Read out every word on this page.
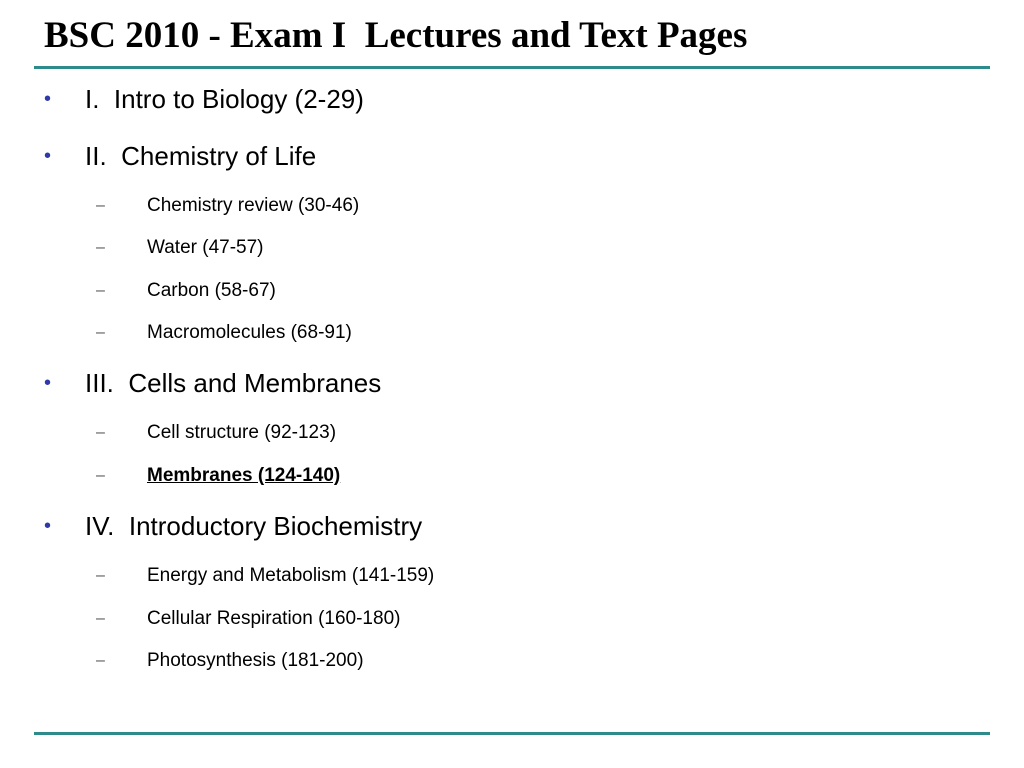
BSC 2010 - Exam I  Lectures and Text Pages
• I.  Intro to Biology (2-29)
• II.  Chemistry of Life
– Chemistry review (30-46)
– Water (47-57)
– Carbon (58-67)
– Macromolecules (68-91)
• III.  Cells and Membranes
– Cell structure (92-123)
– Membranes (124-140)
• IV.  Introductory Biochemistry
– Energy and Metabolism (141-159)
– Cellular Respiration (160-180)
– Photosynthesis (181-200)
